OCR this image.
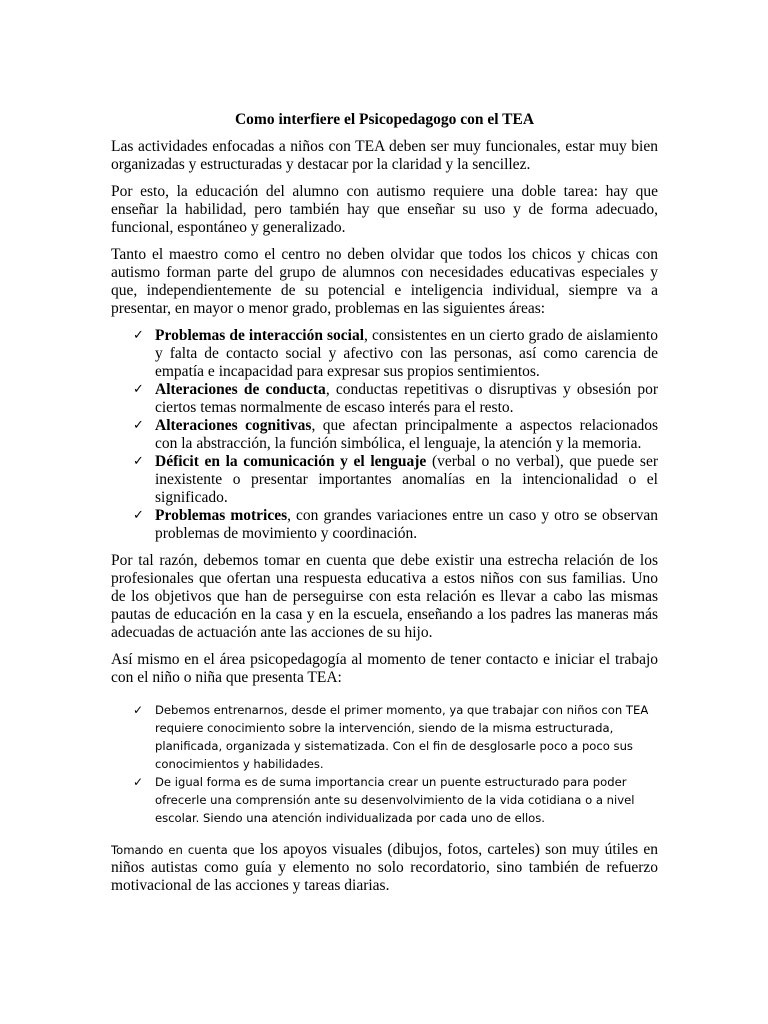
Como interfiere el Psicopedagogo con el TEA
Las actividades enfocadas a niños con TEA deben ser muy funcionales, estar muy bien organizadas y estructuradas y destacar por la claridad y la sencillez.
Por esto, la educación del alumno con autismo requiere una doble tarea: hay que enseñar la habilidad, pero también hay que enseñar su uso y de forma adecuado, funcional, espontáneo y generalizado.
Tanto el maestro como el centro no deben olvidar que todos los chicos y chicas con autismo forman parte del grupo de alumnos con necesidades educativas especiales y que, independientemente de su potencial e inteligencia individual, siempre va a presentar, en mayor o menor grado, problemas en las siguientes áreas:
✓ Problemas de interacción social, consistentes en un cierto grado de aislamiento y falta de contacto social y afectivo con las personas, así como carencia de empatía e incapacidad para expresar sus propios sentimientos.
✓ Alteraciones de conducta, conductas repetitivas o disruptivas y obsesión por ciertos temas normalmente de escaso interés para el resto.
✓ Alteraciones cognitivas, que afectan principalmente a aspectos relacionados con la abstracción, la función simbólica, el lenguaje, la atención y la memoria.
✓ Déficit en la comunicación y el lenguaje (verbal o no verbal), que puede ser inexistente o presentar importantes anomalías en la intencionalidad o el significado.
✓ Problemas motrices, con grandes variaciones entre un caso y otro se observan problemas de movimiento y coordinación.
Por tal razón, debemos tomar en cuenta que debe existir una estrecha relación de los profesionales que ofertan una respuesta educativa a estos niños con sus familias. Uno de los objetivos que han de perseguirse con esta relación es llevar a cabo las mismas pautas de educación en la casa y en la escuela, enseñando a los padres las maneras más adecuadas de actuación ante las acciones de su hijo.
Así mismo en el área psicopedagogía al momento de tener contacto e iniciar el trabajo con el niño o niña que presenta TEA:
✓ Debemos entrenarnos, desde el primer momento, ya que trabajar con niños con TEA requiere conocimiento sobre la intervención, siendo de la misma estructurada, planificada, organizada y sistematizada. Con el fin de desglosarle poco a poco sus conocimientos y habilidades.
✓ De igual forma es de suma importancia crear un puente estructurado para poder ofrecerle una comprensión ante su desenvolvimiento de la vida cotidiana o a nivel escolar. Siendo una atención individualizada por cada uno de ellos.
Tomando en cuenta que los apoyos visuales (dibujos, fotos, carteles) son muy útiles en niños autistas como guía y elemento no solo recordatorio, sino también de refuerzo motivacional de las acciones y tareas diarias.
